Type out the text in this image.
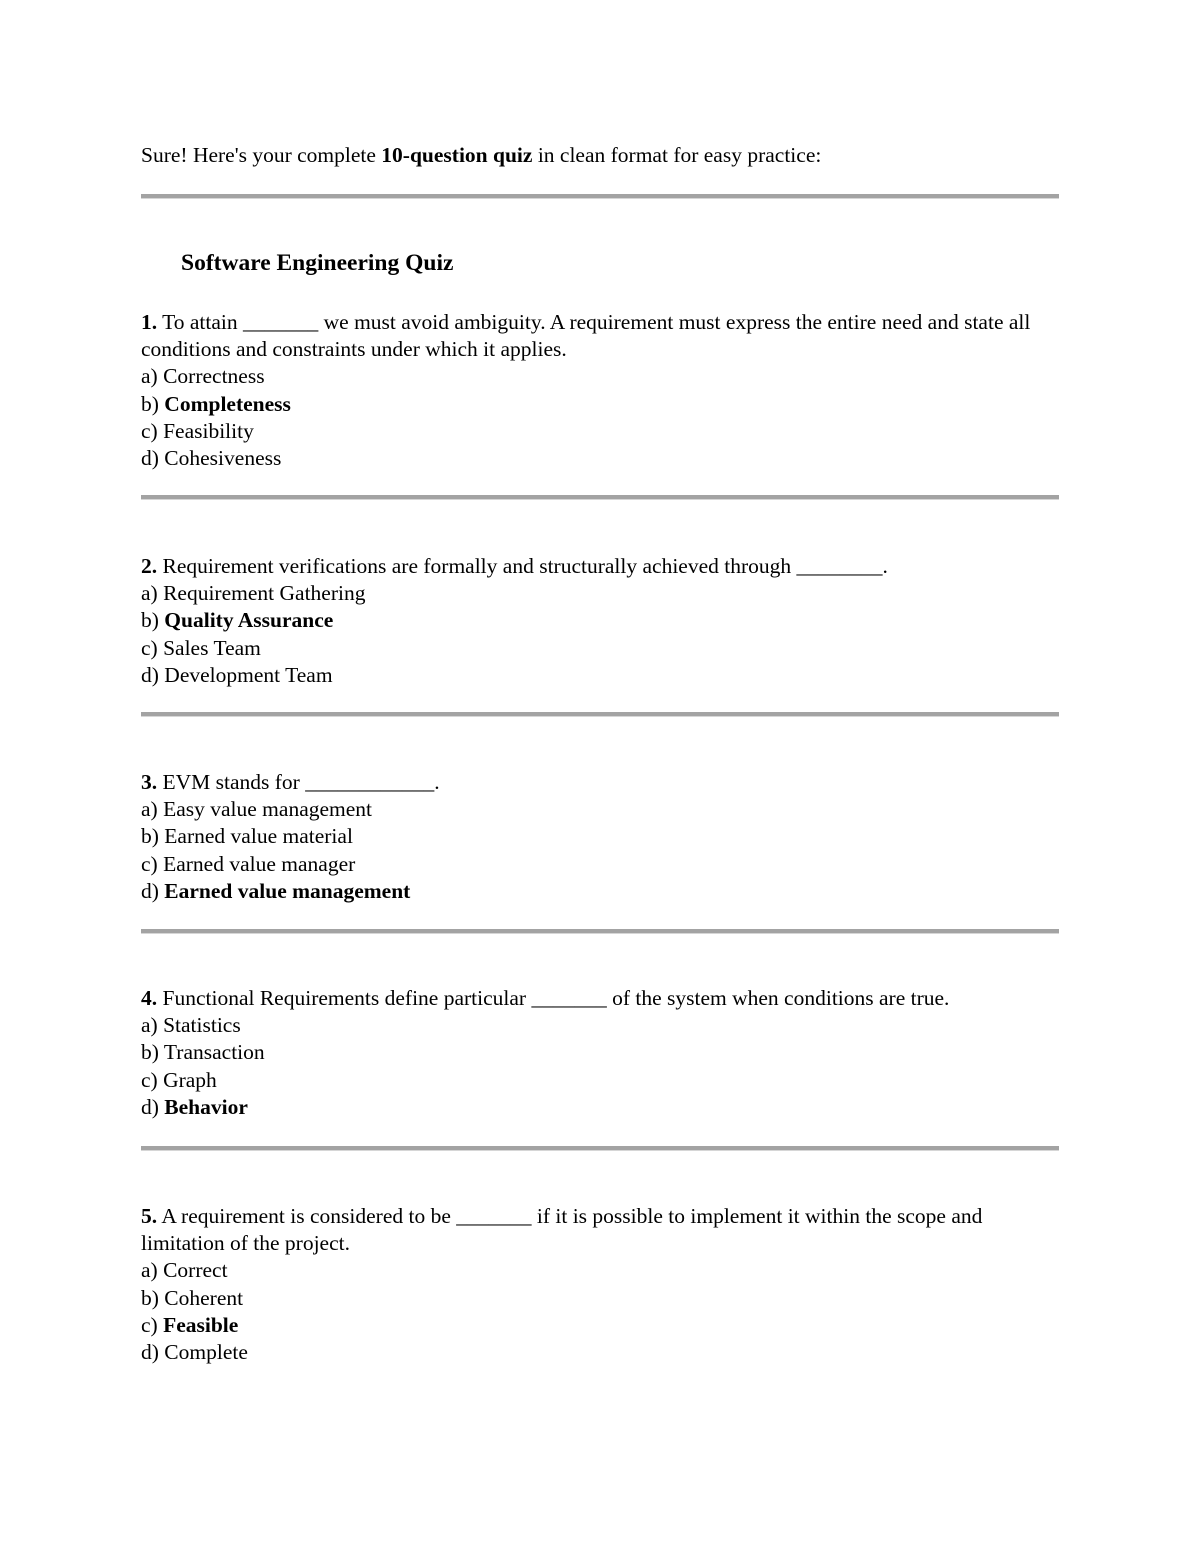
Sure! Here's your complete 10-question quiz in clean format for easy practice:
Software Engineering Quiz
1. To attain _______ we must avoid ambiguity. A requirement must express the entire need and state all conditions and constraints under which it applies.
a) Correctness
b) Completeness
c) Feasibility
d) Cohesiveness
2. Requirement verifications are formally and structurally achieved through ________.
a) Requirement Gathering
b) Quality Assurance
c) Sales Team
d) Development Team
3. EVM stands for ____________.
a) Easy value management
b) Earned value material
c) Earned value manager
d) Earned value management
4. Functional Requirements define particular _______ of the system when conditions are true.
a) Statistics
b) Transaction
c) Graph
d) Behavior
5. A requirement is considered to be _______ if it is possible to implement it within the scope and limitation of the project.
a) Correct
b) Coherent
c) Feasible
d) Complete
